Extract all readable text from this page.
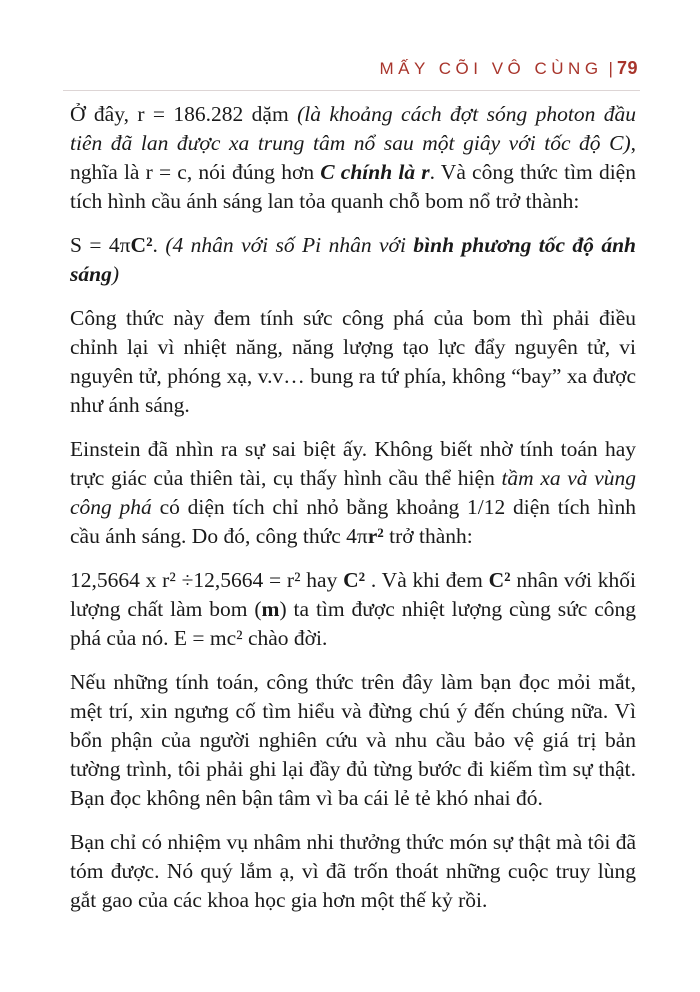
MẤY CÕI VÔ CÙNG | 79

Ở đây, r = 186.282 dặm (là khoảng cách đợt sóng photon đầu tiên đã lan được xa trung tâm nổ sau một giây với tốc độ C), nghĩa là r = c, nói đúng hơn C chính là r. Và công thức tìm diện tích hình cầu ánh sáng lan tỏa quanh chỗ bom nổ trở thành:

S = 4πC². (4 nhân với số Pi nhân với bình phương tốc độ ánh sáng)

Công thức này đem tính sức công phá của bom thì phải điều chỉnh lại vì nhiệt năng, năng lượng tạo lực đẩy nguyên tử, vi nguyên tử, phóng xạ, v.v… bung ra tứ phía, không “bay” xa được như ánh sáng.

Einstein đã nhìn ra sự sai biệt ấy. Không biết nhờ tính toán hay trực giác của thiên tài, cụ thấy hình cầu thể hiện tầm xa và vùng công phá có diện tích chỉ nhỏ bằng khoảng 1/12 diện tích hình cầu ánh sáng. Do đó, công thức 4πr² trở thành:

12,5664 x r² ÷12,5664 = r² hay C² . Và khi đem C² nhân với khối lượng chất làm bom (m) ta tìm được nhiệt lượng cùng sức công phá của nó. E = mc² chào đời.

Nếu những tính toán, công thức trên đây làm bạn đọc mỏi mắt, mệt trí, xin ngưng cố tìm hiểu và đừng chú ý đến chúng nữa. Vì bổn phận của người nghiên cứu và nhu cầu bảo vệ giá trị bản tường trình, tôi phải ghi lại đầy đủ từng bước đi kiếm tìm sự thật. Bạn đọc không nên bận tâm vì ba cái lẻ tẻ khó nhai đó.

Bạn chỉ có nhiệm vụ nhâm nhi thưởng thức món sự thật mà tôi đã tóm được. Nó quý lắm ạ, vì đã trốn thoát những cuộc truy lùng gắt gao của các khoa học gia hơn một thế kỷ rồi.
